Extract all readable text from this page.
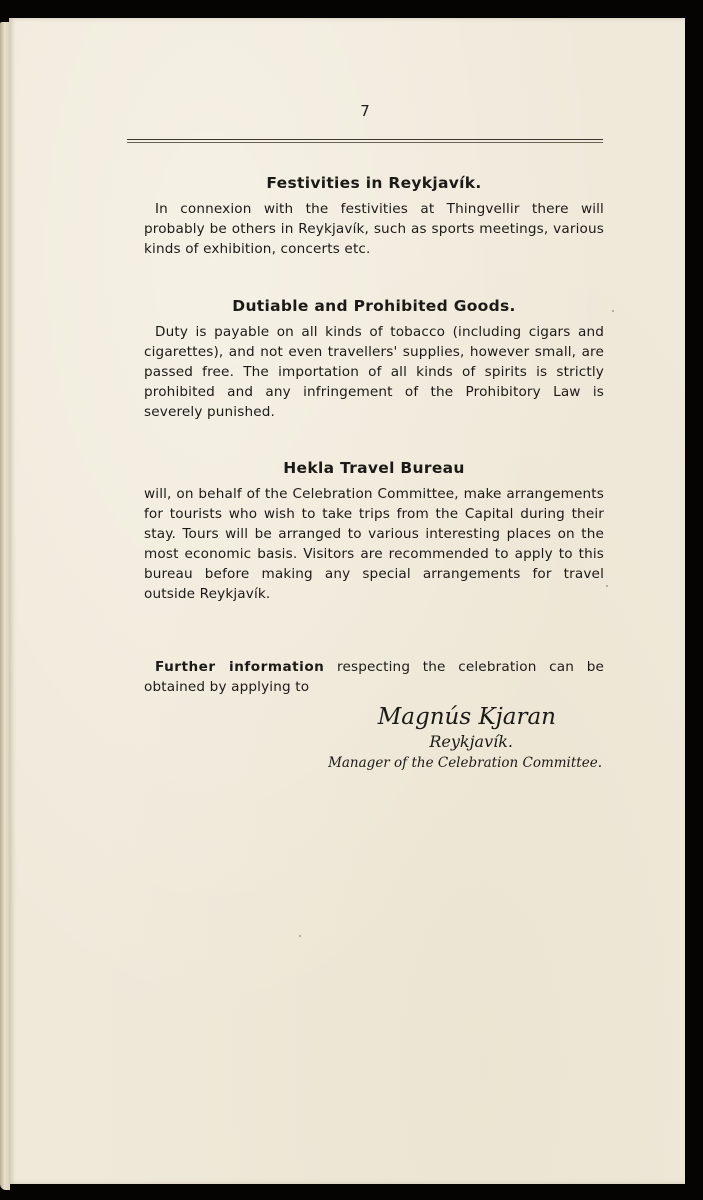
7
Festivities in Reykjavík.

In connexion with the festivities at Thingvellir there will probably be others in Reykjavík, such as sports meetings, various kinds of exhibition, concerts etc.

Dutiable and Prohibited Goods.

Duty is payable on all kinds of tobacco (including cigars and cigarettes), and not even travellers' supplies, however small, are passed free. The importation of all kinds of spirits is strictly prohibited and any infringement of the Prohibitory Law is severely punished.

Hekla Travel Bureau

will, on behalf of the Celebration Committee, make arrangements for tourists who wish to take trips from the Capital during their stay. Tours will be arranged to various interesting places on the most economic basis. Visitors are recommended to apply to this bureau before making any special arrangements for travel outside Reykjavík.

Further information respecting the celebration can be obtained by applying to

Magnús Kjaran
Reykjavík.
Manager of the Celebration Committee.
